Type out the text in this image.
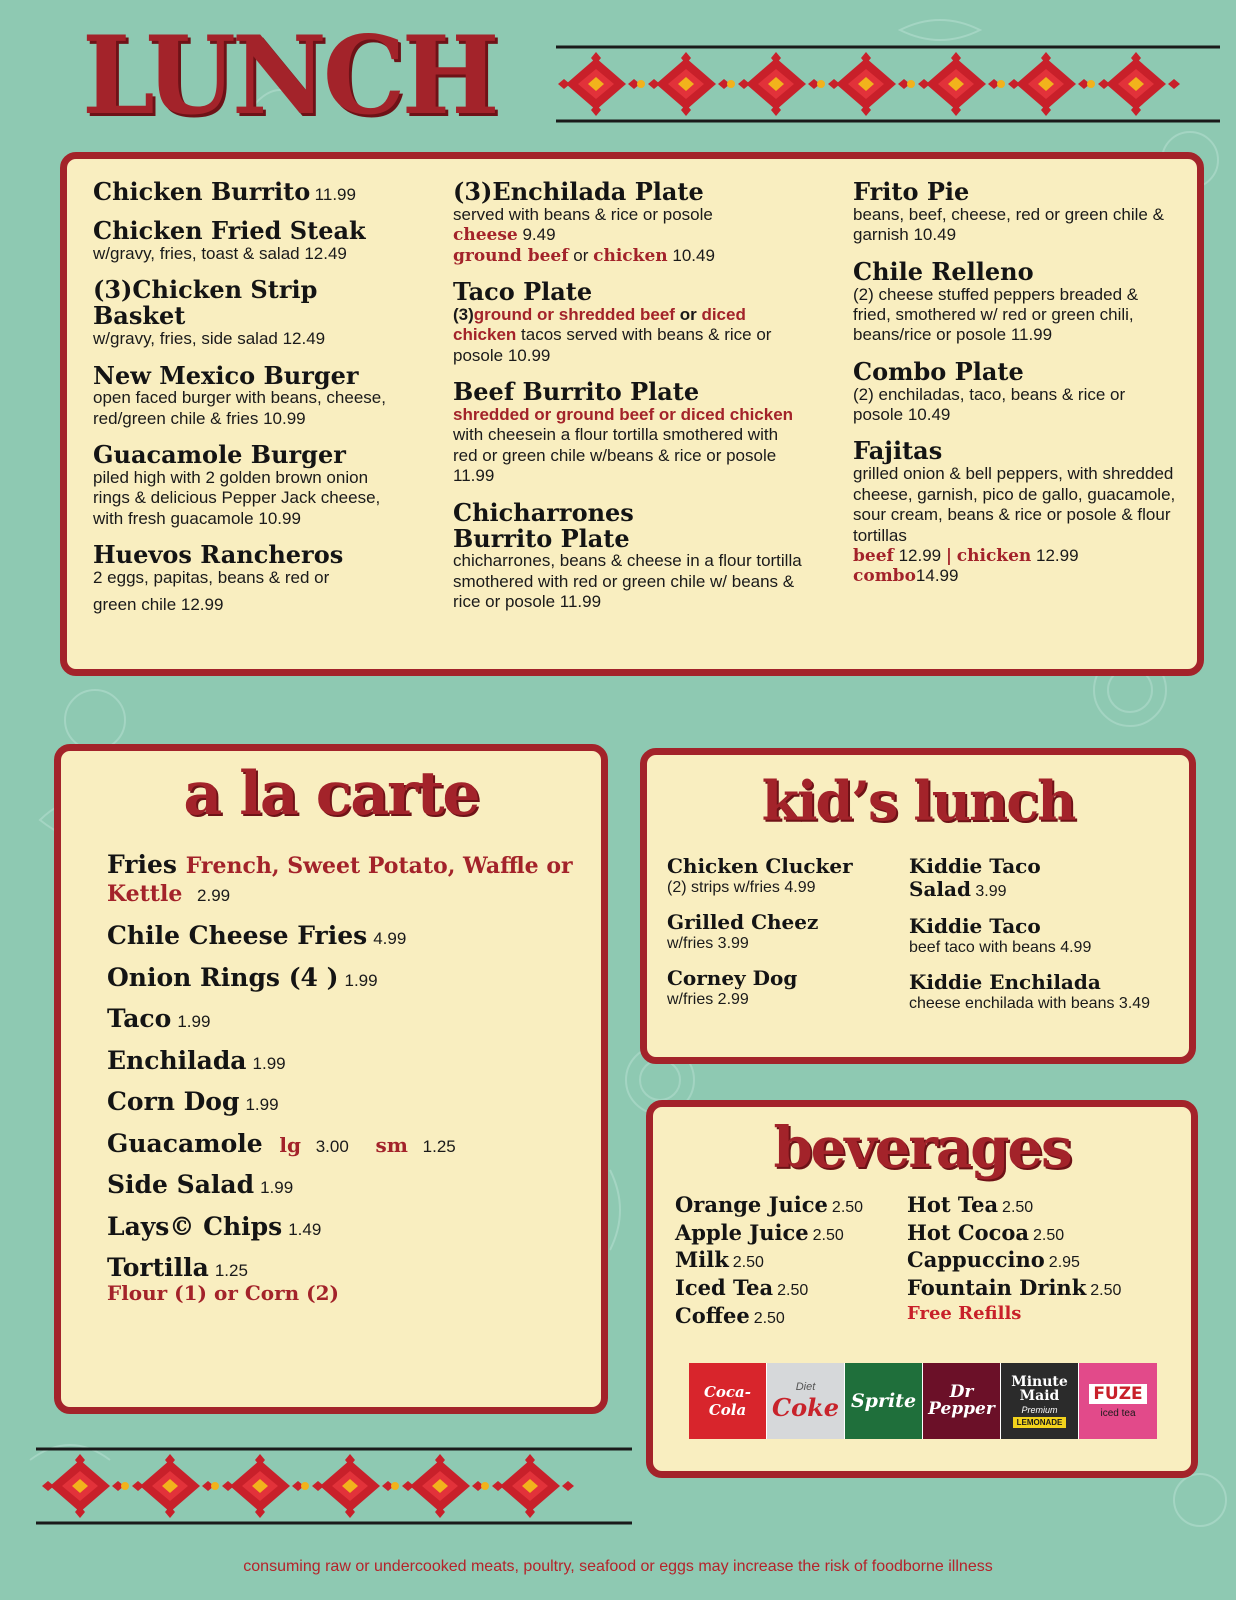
LUNCH
Chicken Burrito 11.99
Chicken Fried Steak
w/gravy, fries, toast & salad 12.49
(3)Chicken Strip Basket
w/gravy, fries, side salad 12.49
New Mexico Burger
open faced burger with beans, cheese, red/green chile & fries 10.99
Guacamole Burger
piled high with 2 golden brown onion rings & delicious Pepper Jack cheese, with fresh guacamole 10.99
Huevos Rancheros
2 eggs, papitas, beans & red or
green chile 12.99
(3)Enchilada Plate
served with beans & rice or posole
cheese 9.49
ground beef or chicken 10.49
Taco Plate
(3)ground or shredded beef or diced chicken tacos served with beans & rice or posole 10.99
Beef Burrito Plate
shredded or ground beef or diced chicken
with cheesein a flour tortilla smothered with red or green chile w/beans & rice or posole 11.99
Chicharrones Burrito Plate
chicharrones, beans & cheese in a flour tortilla smothered with red or green chile w/ beans & rice or posole 11.99
Frito Pie
beans, beef, cheese, red or green chile & garnish 10.49
Chile Relleno
(2) cheese stuffed peppers breaded & fried, smothered w/ red or green chili, beans/rice or posole 11.99
Combo Plate
(2) enchiladas, taco, beans & rice or posole 10.49
Fajitas
grilled onion & bell peppers, with shredded cheese, garnish, pico de gallo, guacamole, sour cream, beans & rice or posole & flour tortillas
beef 12.99 | chicken 12.99
combo14.99
a la carte
Fries French, Sweet Potato, Waffle or Kettle 2.99
Chile Cheese Fries 4.99
Onion Rings (4 ) 1.99
Taco 1.99
Enchilada 1.99
Corn Dog 1.99
Guacamole lg 3.00 sm 1.25
Side Salad 1.99
Lays© Chips 1.49
Tortilla 1.25
Flour (1) or Corn (2)
kid’s lunch
Chicken Clucker
(2) strips w/fries 4.99
Grilled Cheez
w/fries 3.99
Corney Dog
w/fries 2.99
Kiddie Taco Salad 3.99
Kiddie Taco
beef taco with beans 4.99
Kiddie Enchilada
cheese enchilada with beans 3.49
beverages
Orange Juice 2.50
Apple Juice 2.50
Milk 2.50
Iced Tea 2.50
Coffee 2.50
Hot Tea 2.50
Hot Cocoa 2.50
Cappuccino 2.95
Fountain Drink 2.50
Free Refills
Coca-Cola
Diet
Coke Sprite	Dr Pepper
Minute Maid
Premium
LEMONADE
FUZE
iced tea
consuming raw or undercooked meats, poultry, seafood or eggs may increase the risk of foodborne illness
